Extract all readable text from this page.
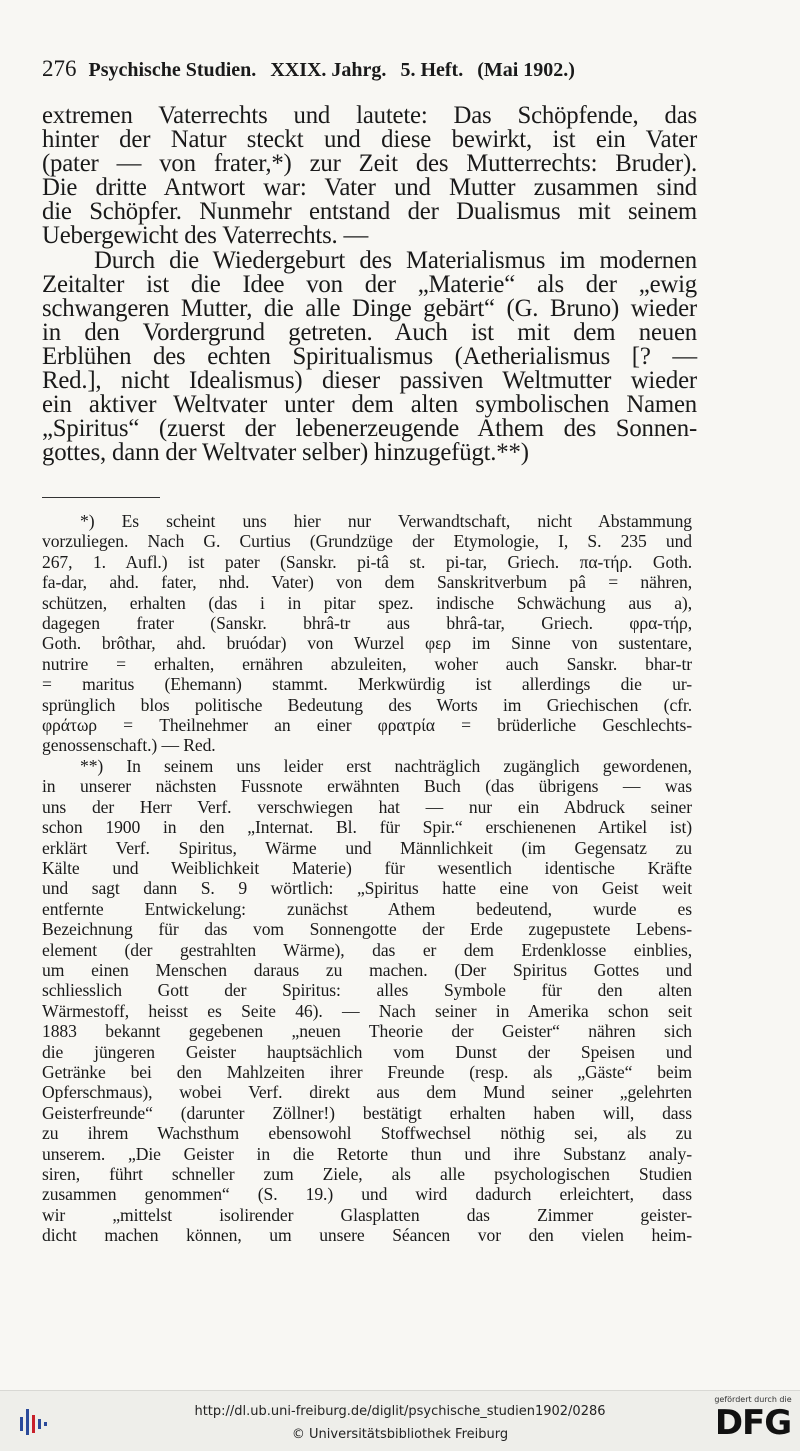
276 Psychische Studien. XXIX. Jahrg. 5. Heft. (Mai 1902.)
extremen Vaterrechts und lautete: Das Schöpfende, das
hinter der Natur steckt und diese bewirkt, ist ein Vater
(pater — von frater,*) zur Zeit des Mutterrechts: Bruder).
Die dritte Antwort war: Vater und Mutter zusammen sind
die Schöpfer. Nunmehr entstand der Dualismus mit seinem
Uebergewicht des Vaterrechts. —
Durch die Wiedergeburt des Materialismus im modernen
Zeitalter ist die Idee von der „Materie“ als der „ewig
schwangeren Mutter, die alle Dinge gebärt“ (G. Bruno) wieder
in den Vordergrund getreten. Auch ist mit dem neuen
Erblühen des echten Spiritualismus (Aetherialismus [? —
Red.], nicht Idealismus) dieser passiven Weltmutter wieder
ein aktiver Weltvater unter dem alten symbolischen Namen
„Spiritus“ (zuerst der lebenerzeugende Athem des Sonnen-
gottes, dann der Weltvater selber) hinzugefügt.**)
*) Es scheint uns hier nur Verwandtschaft, nicht Abstammung
vorzuliegen. Nach G. Curtius (Grundzüge der Etymologie, I, S. 235 und
267, 1. Aufl.) ist pater (Sanskr. pi-tâ st. pi-tar, Griech. πα-τήρ. Goth.
fa-dar, ahd. fater, nhd. Vater) von dem Sanskritverbum pâ = nähren,
schützen, erhalten (das i in pitar spez. indische Schwächung aus a),
dagegen frater (Sanskr. bhrâ-tr aus bhrâ-tar, Griech. φρα-τήρ,
Goth. brôthar, ahd. bruódar) von Wurzel φερ im Sinne von sustentare,
nutrire = erhalten, ernähren abzuleiten, woher auch Sanskr. bhar-tr
= maritus (Ehemann) stammt. Merkwürdig ist allerdings die ur-
sprünglich blos politische Bedeutung des Worts im Griechischen (cfr.
φράτωρ = Theilnehmer an einer φρατρία = brüderliche Geschlechts-
genossenschaft.) — Red.
**) In seinem uns leider erst nachträglich zugänglich gewordenen,
in unserer nächsten Fussnote erwähnten Buch (das übrigens — was
uns der Herr Verf. verschwiegen hat — nur ein Abdruck seiner
schon 1900 in den „Internat. Bl. für Spir.“ erschienenen Artikel ist)
erklärt Verf. Spiritus, Wärme und Männlichkeit (im Gegensatz zu
Kälte und Weiblichkeit Materie) für wesentlich identische Kräfte
und sagt dann S. 9 wörtlich: „Spiritus hatte eine von Geist weit
entfernte Entwickelung: zunächst Athem bedeutend, wurde es
Bezeichnung für das vom Sonnengotte der Erde zugepustete Lebens-
element (der gestrahlten Wärme), das er dem Erdenklosse einblies,
um einen Menschen daraus zu machen. (Der Spiritus Gottes und
schliesslich Gott der Spiritus: alles Symbole für den alten
Wärmestoff, heisst es Seite 46). — Nach seiner in Amerika schon seit
1883 bekannt gegebenen „neuen Theorie der Geister“ nähren sich
die jüngeren Geister hauptsächlich vom Dunst der Speisen und
Getränke bei den Mahlzeiten ihrer Freunde (resp. als „Gäste“ beim
Opferschmaus), wobei Verf. direkt aus dem Mund seiner „gelehrten
Geisterfreunde“ (darunter Zöllner!) bestätigt erhalten haben will, dass
zu ihrem Wachsthum ebensowohl Stoffwechsel nöthig sei, als zu
unserem. „Die Geister in die Retorte thun und ihre Substanz analy-
siren, führt schneller zum Ziele, als alle psychologischen Studien
zusammen genommen“ (S. 19.) und wird dadurch erleichtert, dass
wir „mittelst isolirender Glasplatten das Zimmer geister-
dicht machen können, um unsere Séancen vor den vielen heim-
http://dl.ub.uni-freiburg.de/diglit/psychische_studien1902/0286
© Universitätsbibliothek Freiburg
gefördert durch die
DFG
